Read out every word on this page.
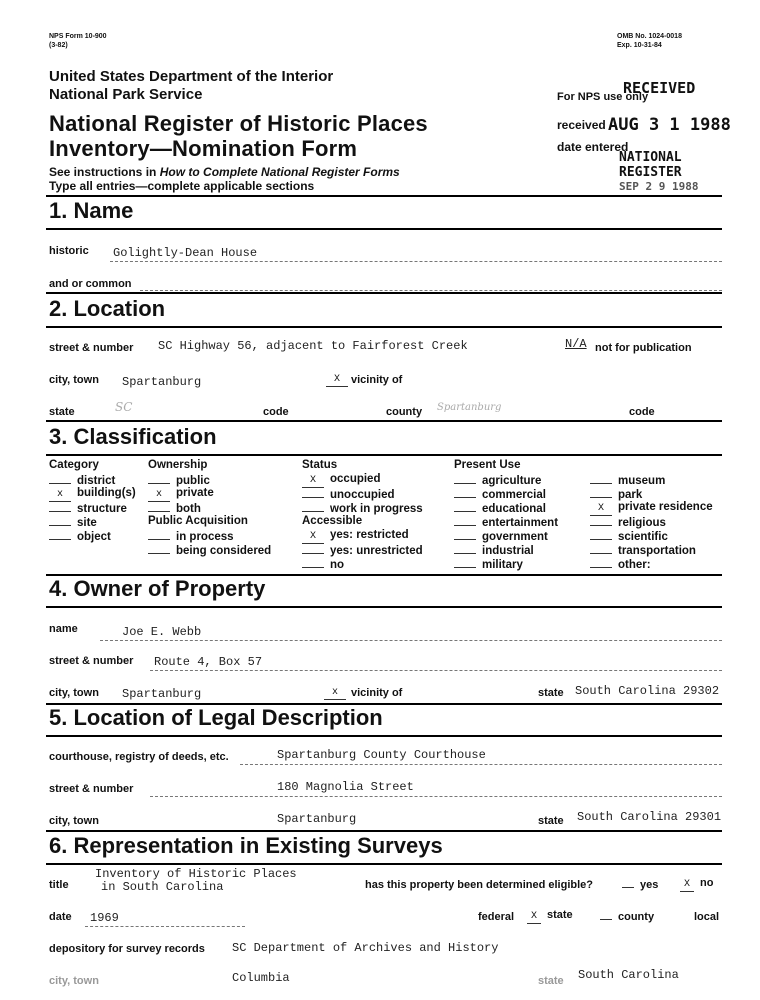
NPS Form 10-900
(3-82)
OMB No. 1024-0018
Exp. 10-31-84
United States Department of the Interior
National Park Service
National Register of Historic Places
Inventory—Nomination Form
See instructions in How to Complete National Register Forms
Type all entries—complete applicable sections
For NPS use only
RECEIVED
received AUG 3 1 1988
date entered
NATIONAL
REGISTER
SEP 2 9 1988
1. Name
historic Golightly-Dean House
and or common
2. Location
street & number SC Highway 56, adjacent to Fairforest Creek	N/A not for publication
city, town Spartanburg	X	vicinity of
state	SC	code	county Spartanburg	code
3. Classification
Category
district
x building(s)
structure
site
object
Ownership
public
x private
both
Public Acquisition
in process
being considered
Status
X occupied
unoccupied
work in progress
Accessible
X yes: restricted
yes: unrestricted
no
Present Use
agriculture
commercial
educational
entertainment
government
industrial
military
museum
park
X private residence
religious
scientific
transportation
other:
4. Owner of Property
name	Joe E. Webb
street & number Route 4, Box 57
city, town Spartanburg	x	vicinity of	state South Carolina 29302
5. Location of Legal Description
courthouse, registry of deeds, etc.	Spartanburg County Courthouse
street & number	180 Magnolia Street
city, town	Spartanburg	state South Carolina 29301
6. Representation in Existing Surveys
title
Inventory of Historic Places
in South Carolina	has this property been determined eligible?	yes	X no
date 1969	federal	X state	county	local
depository for survey records SC Department of Archives and History
city, town	Columbia	state South Carolina
